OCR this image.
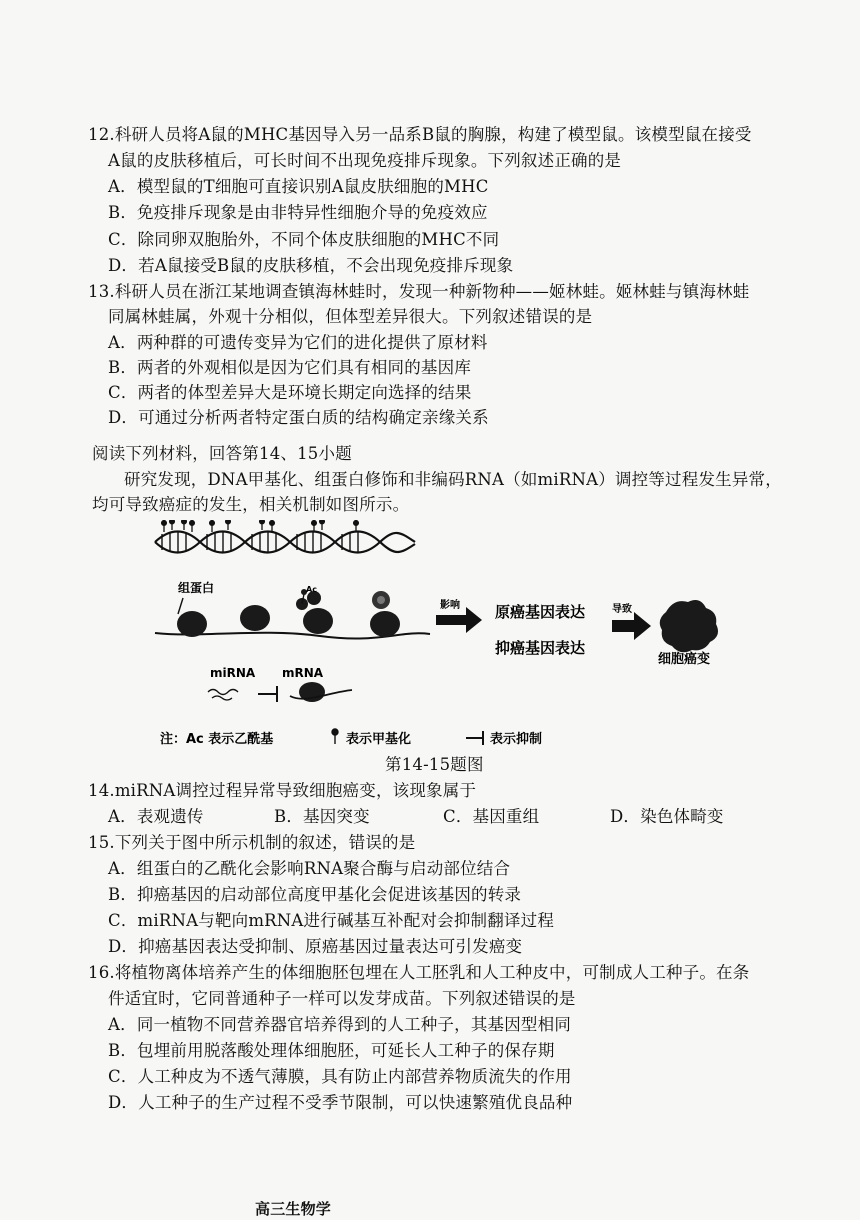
12.科研人员将A鼠的MHC基因导入另一品系B鼠的胸腺，构建了模型鼠。该模型鼠在接受
A鼠的皮肤移植后，可长时间不出现免疫排斥现象。下列叙述正确的是
A．模型鼠的T细胞可直接识别A鼠皮肤细胞的MHC
B．免疫排斥现象是由非特异性细胞介导的免疫效应
C．除同卵双胞胎外，不同个体皮肤细胞的MHC不同
D．若A鼠接受B鼠的皮肤移植，不会出现免疫排斥现象
13.科研人员在浙江某地调查镇海林蛙时，发现一种新物种——姬林蛙。姬林蛙与镇海林蛙
同属林蛙属，外观十分相似，但体型差异很大。下列叙述错误的是
A．两种群的可遗传变异为它们的进化提供了原材料
B．两者的外观相似是因为它们具有相同的基因库
C．两者的体型差异大是环境长期定向选择的结果
D．可通过分析两者特定蛋白质的结构确定亲缘关系
阅读下列材料，回答第14、15小题
研究发现，DNA甲基化、组蛋白修饰和非编码RNA（如miRNA）调控等过程发生异常，
均可导致癌症的发生，相关机制如图所示。
组蛋白	Ac
影响 原癌基因表达
抑癌基因表达
导致
细胞癌变
miRNA mRNA
注：Ac 表示乙酰基	表示甲基化	表示抑制
第14-15题图
14.miRNA调控过程异常导致细胞癌变，该现象属于
A．表观遗传	B．基因突变	C．基因重组	D．染色体畸变
15.下列关于图中所示机制的叙述，错误的是
A．组蛋白的乙酰化会影响RNA聚合酶与启动部位结合
B．抑癌基因的启动部位高度甲基化会促进该基因的转录
C．miRNA与靶向mRNA进行碱基互补配对会抑制翻译过程
D．抑癌基因表达受抑制、原癌基因过量表达可引发癌变
16.将植物离体培养产生的体细胞胚包埋在人工胚乳和人工种皮中，可制成人工种子。在条
件适宜时，它同普通种子一样可以发芽成苗。下列叙述错误的是
A．同一植物不同营养器官培养得到的人工种子，其基因型相同
B．包埋前用脱落酸处理体细胞胚，可延长人工种子的保存期
C．人工种皮为不透气薄膜，具有防止内部营养物质流失的作用
D．人工种子的生产过程不受季节限制，可以快速繁殖优良品种
高三生物学
